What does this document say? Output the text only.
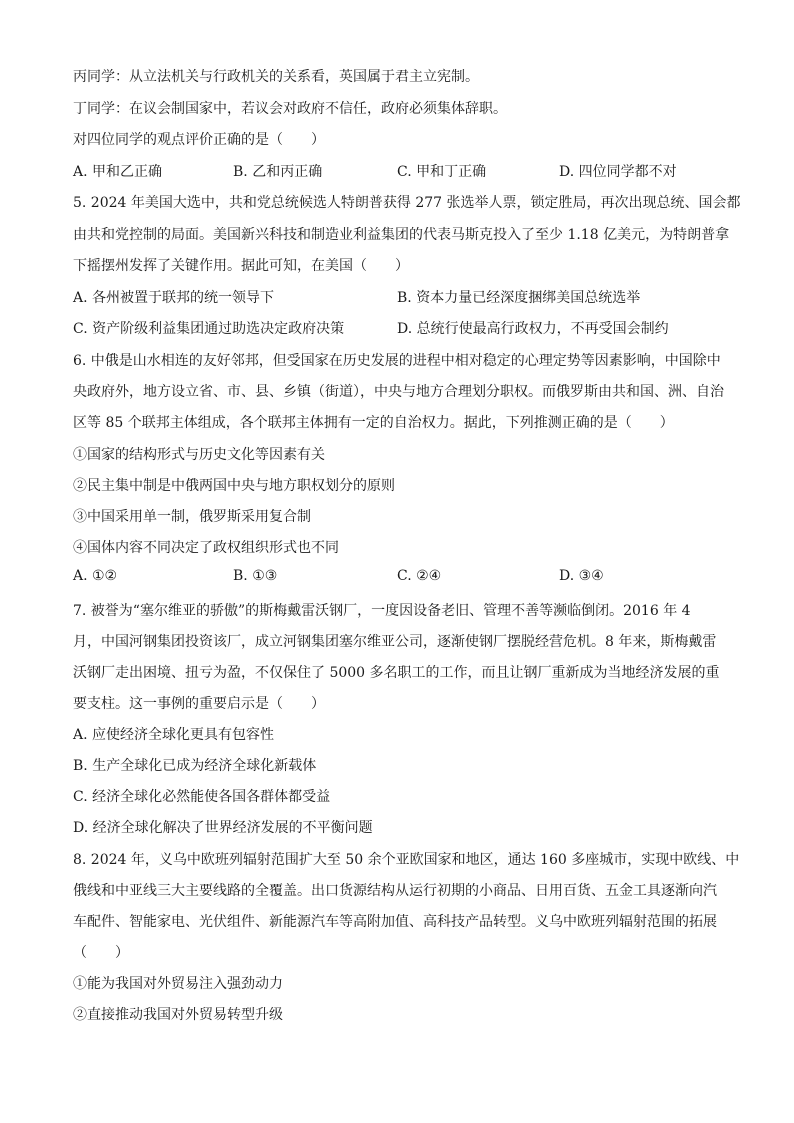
丙同学：从立法机关与行政机关的关系看，英国属于君主立宪制。
丁同学：在议会制国家中，若议会对政府不信任，政府必须集体辞职。
对四位同学的观点评价正确的是（　　）
A. 甲和乙正确	B. 乙和丙正确	C. 甲和丁正确	D. 四位同学都不对
5. 2024 年美国大选中，共和党总统候选人特朗普获得 277 张选举人票，锁定胜局，再次出现总统、国会都
由共和党控制的局面。美国新兴科技和制造业利益集团的代表马斯克投入了至少 1.18 亿美元，为特朗普拿
下摇摆州发挥了关键作用。据此可知，在美国（　　）
A. 各州被置于联邦的统一领导下	B. 资本力量已经深度捆绑美国总统选举
C. 资产阶级利益集团通过助选决定政府决策	D. 总统行使最高行政权力，不再受国会制约
6. 中俄是山水相连的友好邻邦，但受国家在历史发展的进程中相对稳定的心理定势等因素影响，中国除中
央政府外，地方设立省、市、县、乡镇（街道），中央与地方合理划分职权。而俄罗斯由共和国、洲、自治
区等 85 个联邦主体组成，各个联邦主体拥有一定的自治权力。据此，下列推测正确的是（　　）
①国家的结构形式与历史文化等因素有关
②民主集中制是中俄两国中央与地方职权划分的原则
③中国采用单一制，俄罗斯采用复合制
④国体内容不同决定了政权组织形式也不同
A. ①②	B. ①③	C. ②④	D. ③④
7. 被誉为“塞尔维亚的骄傲”的斯梅戴雷沃钢厂，一度因设备老旧、管理不善等濒临倒闭。2016 年 4
月，中国河钢集团投资该厂，成立河钢集团塞尔维亚公司，逐渐使钢厂摆脱经营危机。8 年来，斯梅戴雷
沃钢厂走出困境、扭亏为盈，不仅保住了 5000 多名职工的工作，而且让钢厂重新成为当地经济发展的重
要支柱。这一事例的重要启示是（　　）
A. 应使经济全球化更具有包容性
B. 生产全球化已成为经济全球化新载体
C. 经济全球化必然能使各国各群体都受益
D. 经济全球化解决了世界经济发展的不平衡问题
8. 2024 年，义乌中欧班列辐射范围扩大至 50 余个亚欧国家和地区，通达 160 多座城市，实现中欧线、中
俄线和中亚线三大主要线路的全覆盖。出口货源结构从运行初期的小商品、日用百货、五金工具逐渐向汽
车配件、智能家电、光伏组件、新能源汽车等高附加值、高科技产品转型。义乌中欧班列辐射范围的拓展
（　　）
①能为我国对外贸易注入强劲动力
②直接推动我国对外贸易转型升级
